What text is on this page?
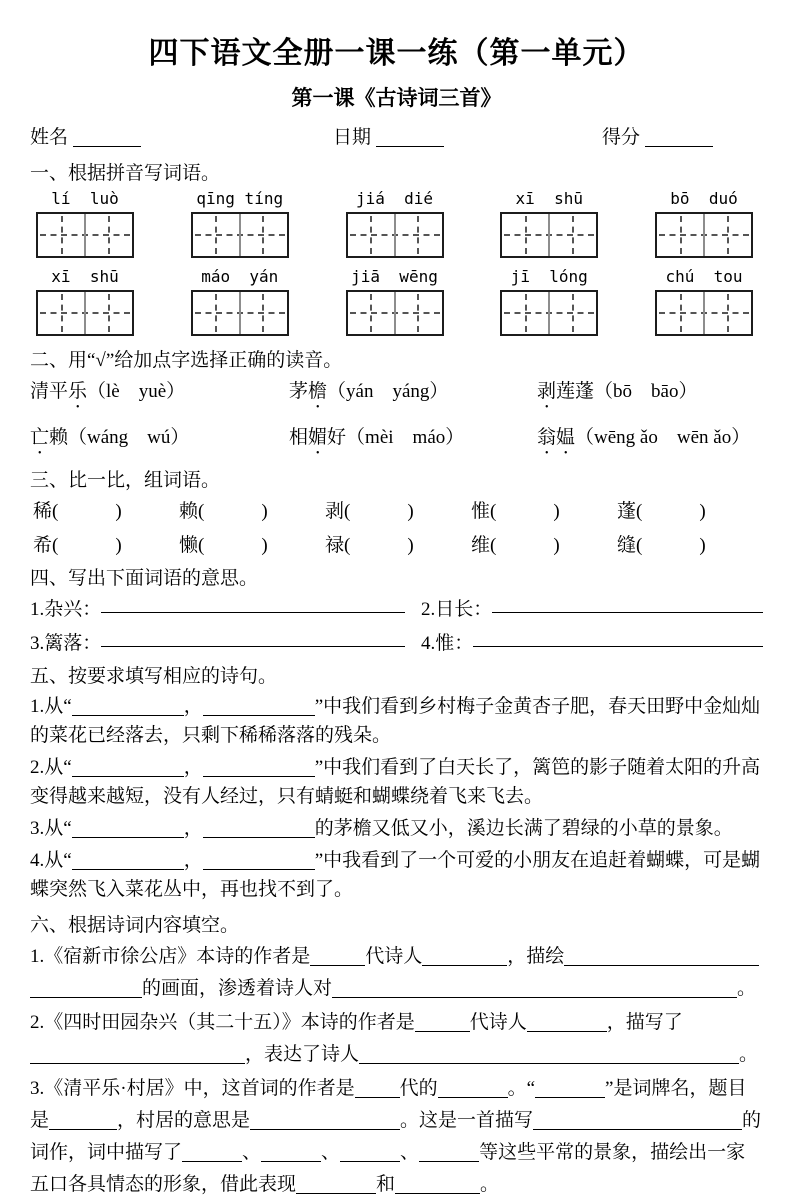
四下语文全册一课一练（第一单元）
第一课《古诗词三首》
姓名	日期	得分

一、根据拼音写词语。

lí  luò	qīng tíng	jiá  dié	xī  shū	bō  duó
xī  shū	máo  yán	jiā  wēng	jī  lóng	chú  tou

二、用“√”给加点字选择正确的读音。

清平乐（lè　yuè）	茅檐（yán　yáng）	剥莲蓬（bō　bāo）
亡赖（wáng　wú）	相媚好（mèi　máo）	翁媪（wēng ǎo　wēn ǎo）

三、比一比，组词语。

稀(　　　)	赖(　　　)	剥(　　　)	惟(　　　)	蓬(　　　)
希(　　　)	懒(　　　)	禄(　　　)	维(　　　)	缝(　　　)

四、写出下面词语的意思。

1.杂兴：	2.日长：
3.篱落：	4.惟：

五、按要求填写相应的诗句。

1.从“	，	”中我们看到乡村梅子金黄杏子肥，春天田野中金灿灿的菜花已经落去，只剩下稀稀落落的残朵。

2.从“	，	”中我们看到了白天长了，篱笆的影子随着太阳的升高变得越来越短，没有人经过，只有蜻蜓和蝴蝶绕着飞来飞去。

3.从“	，	的茅檐又低又小，溪边长满了碧绿的小草的景象。

4.从“	，	”中我看到了一个可爱的小朋友在追赶着蝴蝶，可是蝴蝶突然飞入菜花丛中，再也找不到了。

六、根据诗词内容填空。

1.《宿新市徐公店》本诗的作者是	代诗人	，描绘的画面，渗透着诗人对	。

2.《四时田园杂兴（其二十五）》本诗的作者是	代诗人	，描写了，表达了诗人	。

3.《清平乐·村居》中，这首词的作者是 代的	。“	”是词牌名，题目是	，村居的意思是	。这是一首描写	的词作，词中描写了	、	、	、	等这些平常的景象，描绘出一家五口各具情态的形象，借此表现	和	。
